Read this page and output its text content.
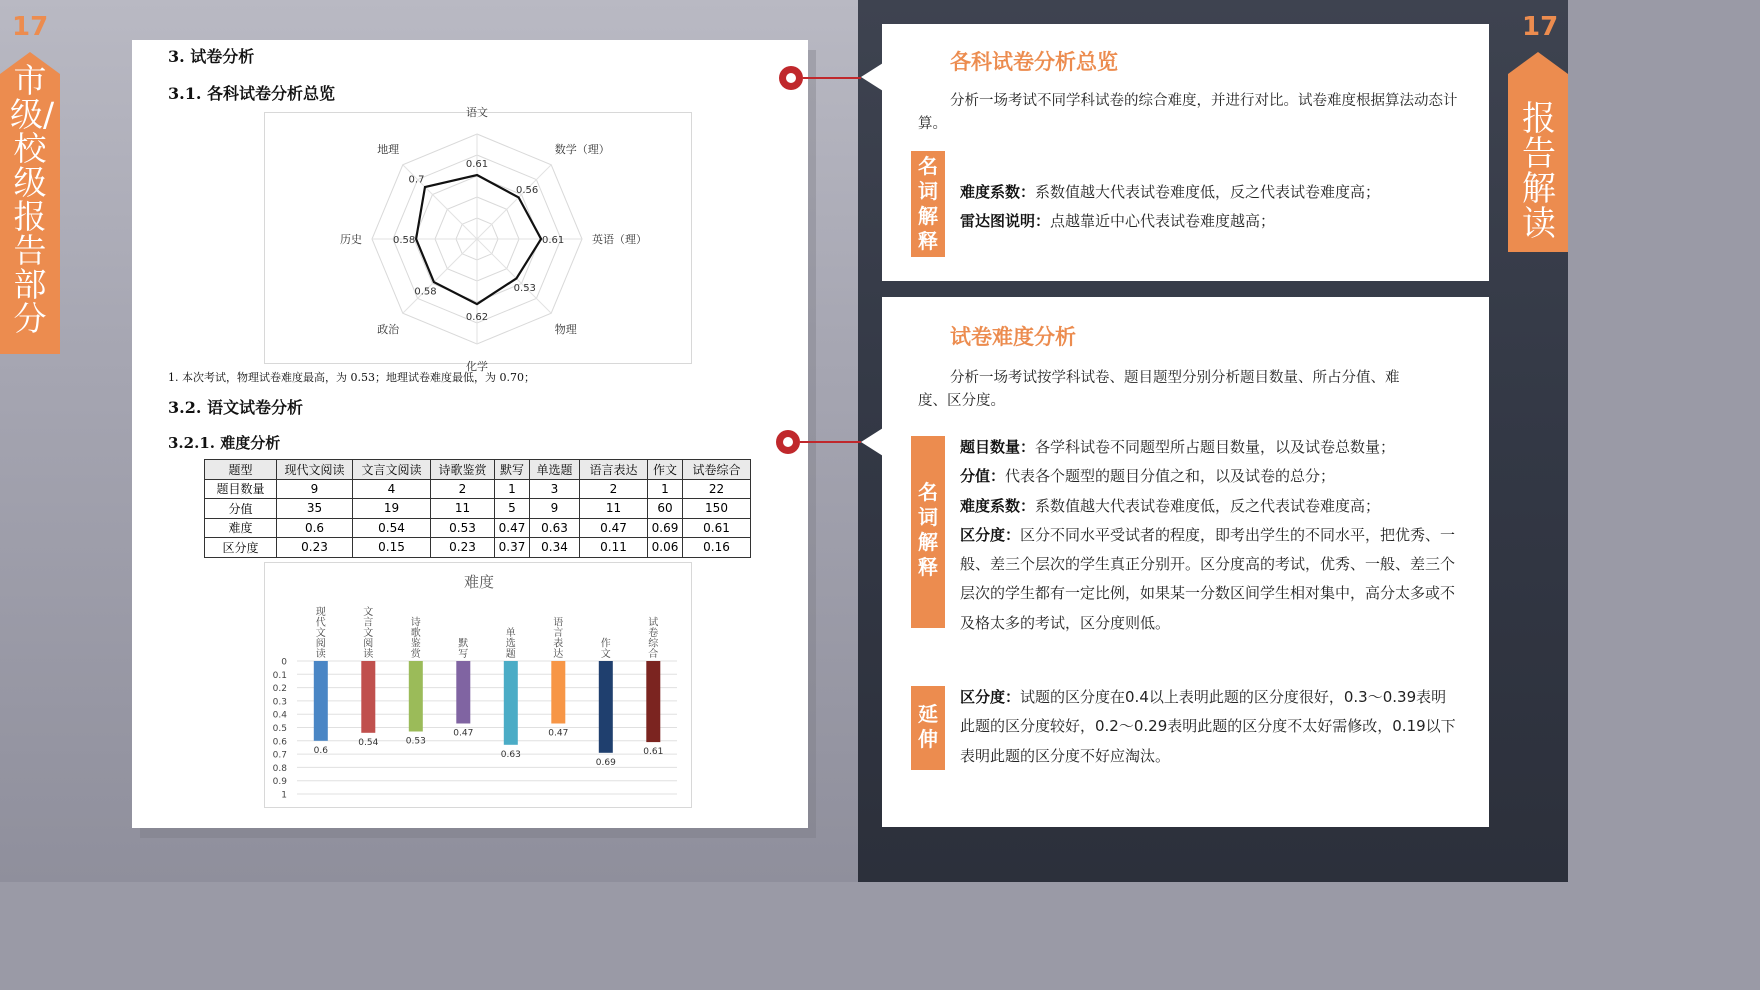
17
市级/校级报告部分
17
报告解读
3. 试卷分析
3.1. 各科试卷分析总览
0.61
0.56
0.61
0.53
0.62
0.58
0.58
0.7
语文
数学（理）
英语（理）
物理
化学
政治
历史
地理
1. 本次考试，物理试卷难度最高，为 0.53；地理试卷难度最低，为 0.70；
3.2. 语文试卷分析
3.2.1. 难度分析
题型	现代文阅读	文言文阅读	诗歌鉴赏	默写	单选题	语言表达	作文	试卷综合
题目数量	9	4	2	1	3	2	1	22
分值	35	19	11	5	9	11	60	150
难度	0.6	0.54	0.53	0.47	0.63	0.47	0.69	0.61
区分度	0.23	0.15	0.23	0.37	0.34	0.11	0.06	0.16
难度
0
0.1
0.2
0.3
0.4
0.5
0.6
0.7
0.8
0.9
1
0.6
现代文阅读
0.54
文言文阅读
0.53
诗歌鉴赏
0.47
默写
0.63
单选题
0.47
语言表达
0.69
作文
0.61
试卷综合
各科试卷分析总览
分析一场考试不同学科试卷的综合难度，并进行对比。试卷难度根据算法动态计算。
名词解释
难度系数：系数值越大代表试卷难度低，反之代表试卷难度高；
雷达图说明：点越靠近中心代表试卷难度越高；
试卷难度分析
分析一场考试按学科试卷、题目题型分别分析题目数量、所占分值、难度、区分度。
名词解释
题目数量：各学科试卷不同题型所占题目数量，以及试卷总数量；
分值：代表各个题型的题目分值之和，以及试卷的总分；
难度系数：系数值越大代表试卷难度低，反之代表试卷难度高；
区分度：区分不同水平受试者的程度，即考出学生的不同水平，把优秀、一般、差三个层次的学生真正分别开。区分度高的考试，优秀、一般、差三个层次的学生都有一定比例，如果某一分数区间学生相对集中，高分太多或不及格太多的考试，区分度则低。
延伸
区分度：试题的区分度在0.4以上表明此题的区分度很好，0.3～0.39表明此题的区分度较好，0.2～0.29表明此题的区分度不太好需修改，0.19以下表明此题的区分度不好应淘汰。
